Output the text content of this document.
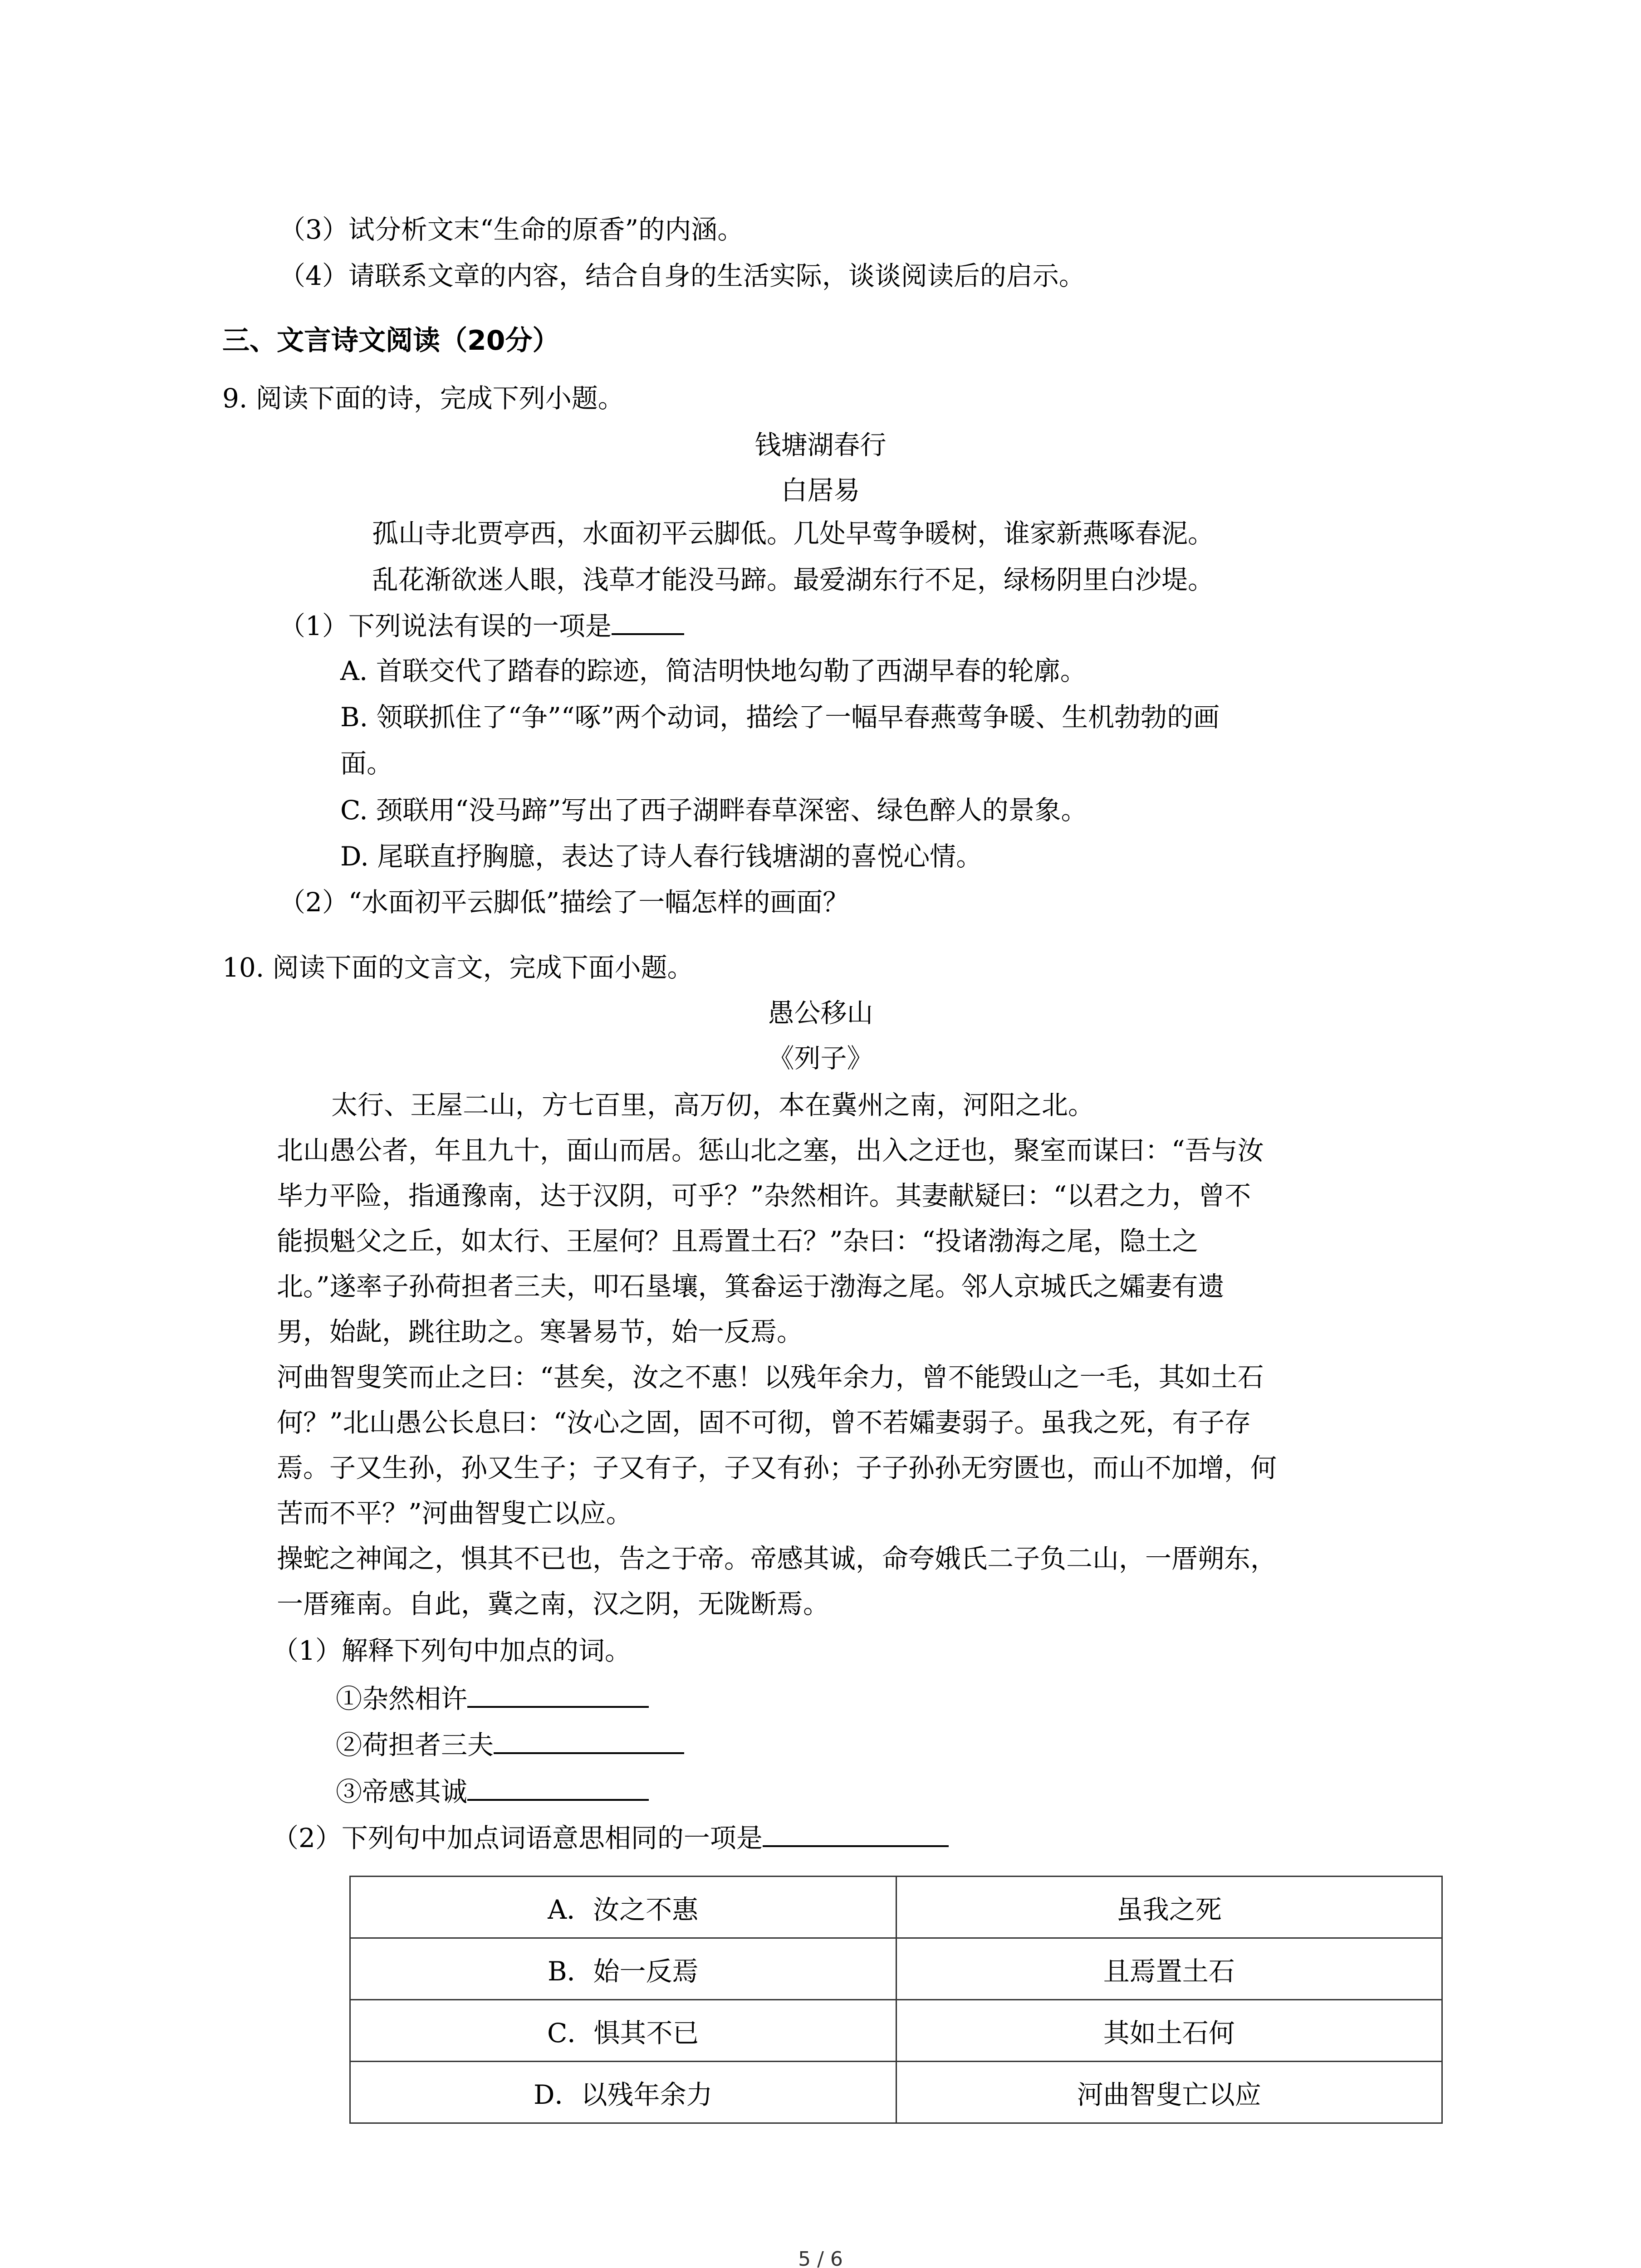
（3）试分析文末“生命的原香”的内涵。
（4）请联系文章的内容，结合自身的生活实际，谈谈阅读后的启示。
三、文言诗文阅读（20分）
9. 阅读下面的诗，完成下列小题。
钱塘湖春行
白居易
孤山寺北贾亭西，水面初平云脚低。几处早莺争暖树，谁家新燕啄春泥。
乱花渐欲迷人眼，浅草才能没马蹄。最爱湖东行不足，绿杨阴里白沙堤。
（1）下列说法有误的一项是
A. 首联交代了踏春的踪迹，简洁明快地勾勒了西湖早春的轮廓。
B. 领联抓住了“争”“啄”两个动词，描绘了一幅早春燕莺争暖、生机勃勃的画
面。
C. 颈联用“没马蹄”写出了西子湖畔春草深密、绿色醉人的景象。
D. 尾联直抒胸臆，表达了诗人春行钱塘湖的喜悦心情。
（2）“水面初平云脚低”描绘了一幅怎样的画面？
10. 阅读下面的文言文，完成下面小题。
愚公移山
《列子》
太行、王屋二山，方七百里，高万仞，本在冀州之南，河阳之北。
北山愚公者，年且九十，面山而居。惩山北之塞，出入之迂也，聚室而谋曰：“吾与汝
毕力平险，指通豫南，达于汉阴，可乎？”杂然相许。其妻献疑曰：“以君之力，曾不
能损魁父之丘，如太行、王屋何？且焉置土石？”杂曰：“投诸渤海之尾，隐土之
北。”遂率子孙荷担者三夫，叩石垦壤，箕畚运于渤海之尾。邻人京城氏之孀妻有遗
男，始龀，跳往助之。寒暑易节，始一反焉。
河曲智叟笑而止之曰：“甚矣，汝之不惠！以残年余力，曾不能毁山之一毛，其如土石
何？”北山愚公长息曰：“汝心之固，固不可彻，曾不若孀妻弱子。虽我之死，有子存
焉。子又生孙，孙又生子；子又有子，子又有孙；子子孙孙无穷匮也，而山不加增，何
苦而不平？”河曲智叟亡以应。
操蛇之神闻之，惧其不已也，告之于帝。帝感其诚，命夸娥氏二子负二山，一厝朔东，
一厝雍南。自此，冀之南，汉之阴，无陇断焉。
（1）解释下列句中加点的词。
①杂然相许
②荷担者三夫
③帝感其诚
（2）下列句中加点词语意思相同的一项是
A．汝之不惠	虽我之死
B．始一反焉	且焉置土石
C．惧其不已	其如土石何
D．以残年余力	河曲智叟亡以应
5 / 6
